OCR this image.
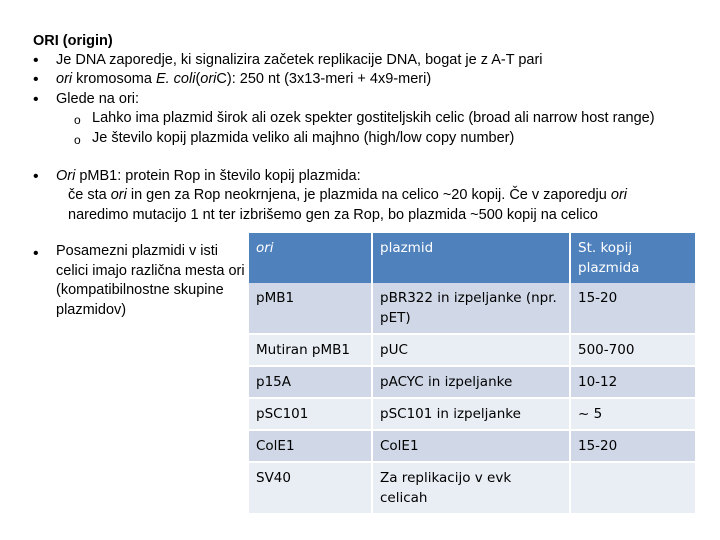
ORI (origin)
• Je DNA zaporedje, ki signalizira začetek replikacije DNA, bogat je z A-T pari
• ori kromosoma E. coli(oriC): 250 nt (3x13-meri + 4x9-meri)
• Glede na ori:
o Lahko ima plazmid širok ali ozek spekter gostiteljskih celic (broad ali narrow host range)
o Je število kopij plazmida veliko ali majhno (high/low copy number)
• Ori pMB1: protein Rop in število kopij plazmida:
če sta ori in gen za Rop neokrnjena, je plazmida na celico ~20 kopij. Če v zaporedju ori
naredimo mutacijo 1 nt ter izbrišemo gen za Rop, bo plazmida ~500 kopij na celico
• Posamezni plazmidi v isti celici imajo različna mesta ori (kompatibilnostne skupine plazmidov)
ori	plazmid	St. kopij plazmida
pMB1	pBR322 in izpeljanke (npr. pET)	15-20
Mutiran pMB1	pUC	500-700
p15A	pACYC in izpeljanke	10-12
pSC101	pSC101 in izpeljanke	~ 5
ColE1	ColE1	15-20
SV40	Za replikacijo v evk celicah	
